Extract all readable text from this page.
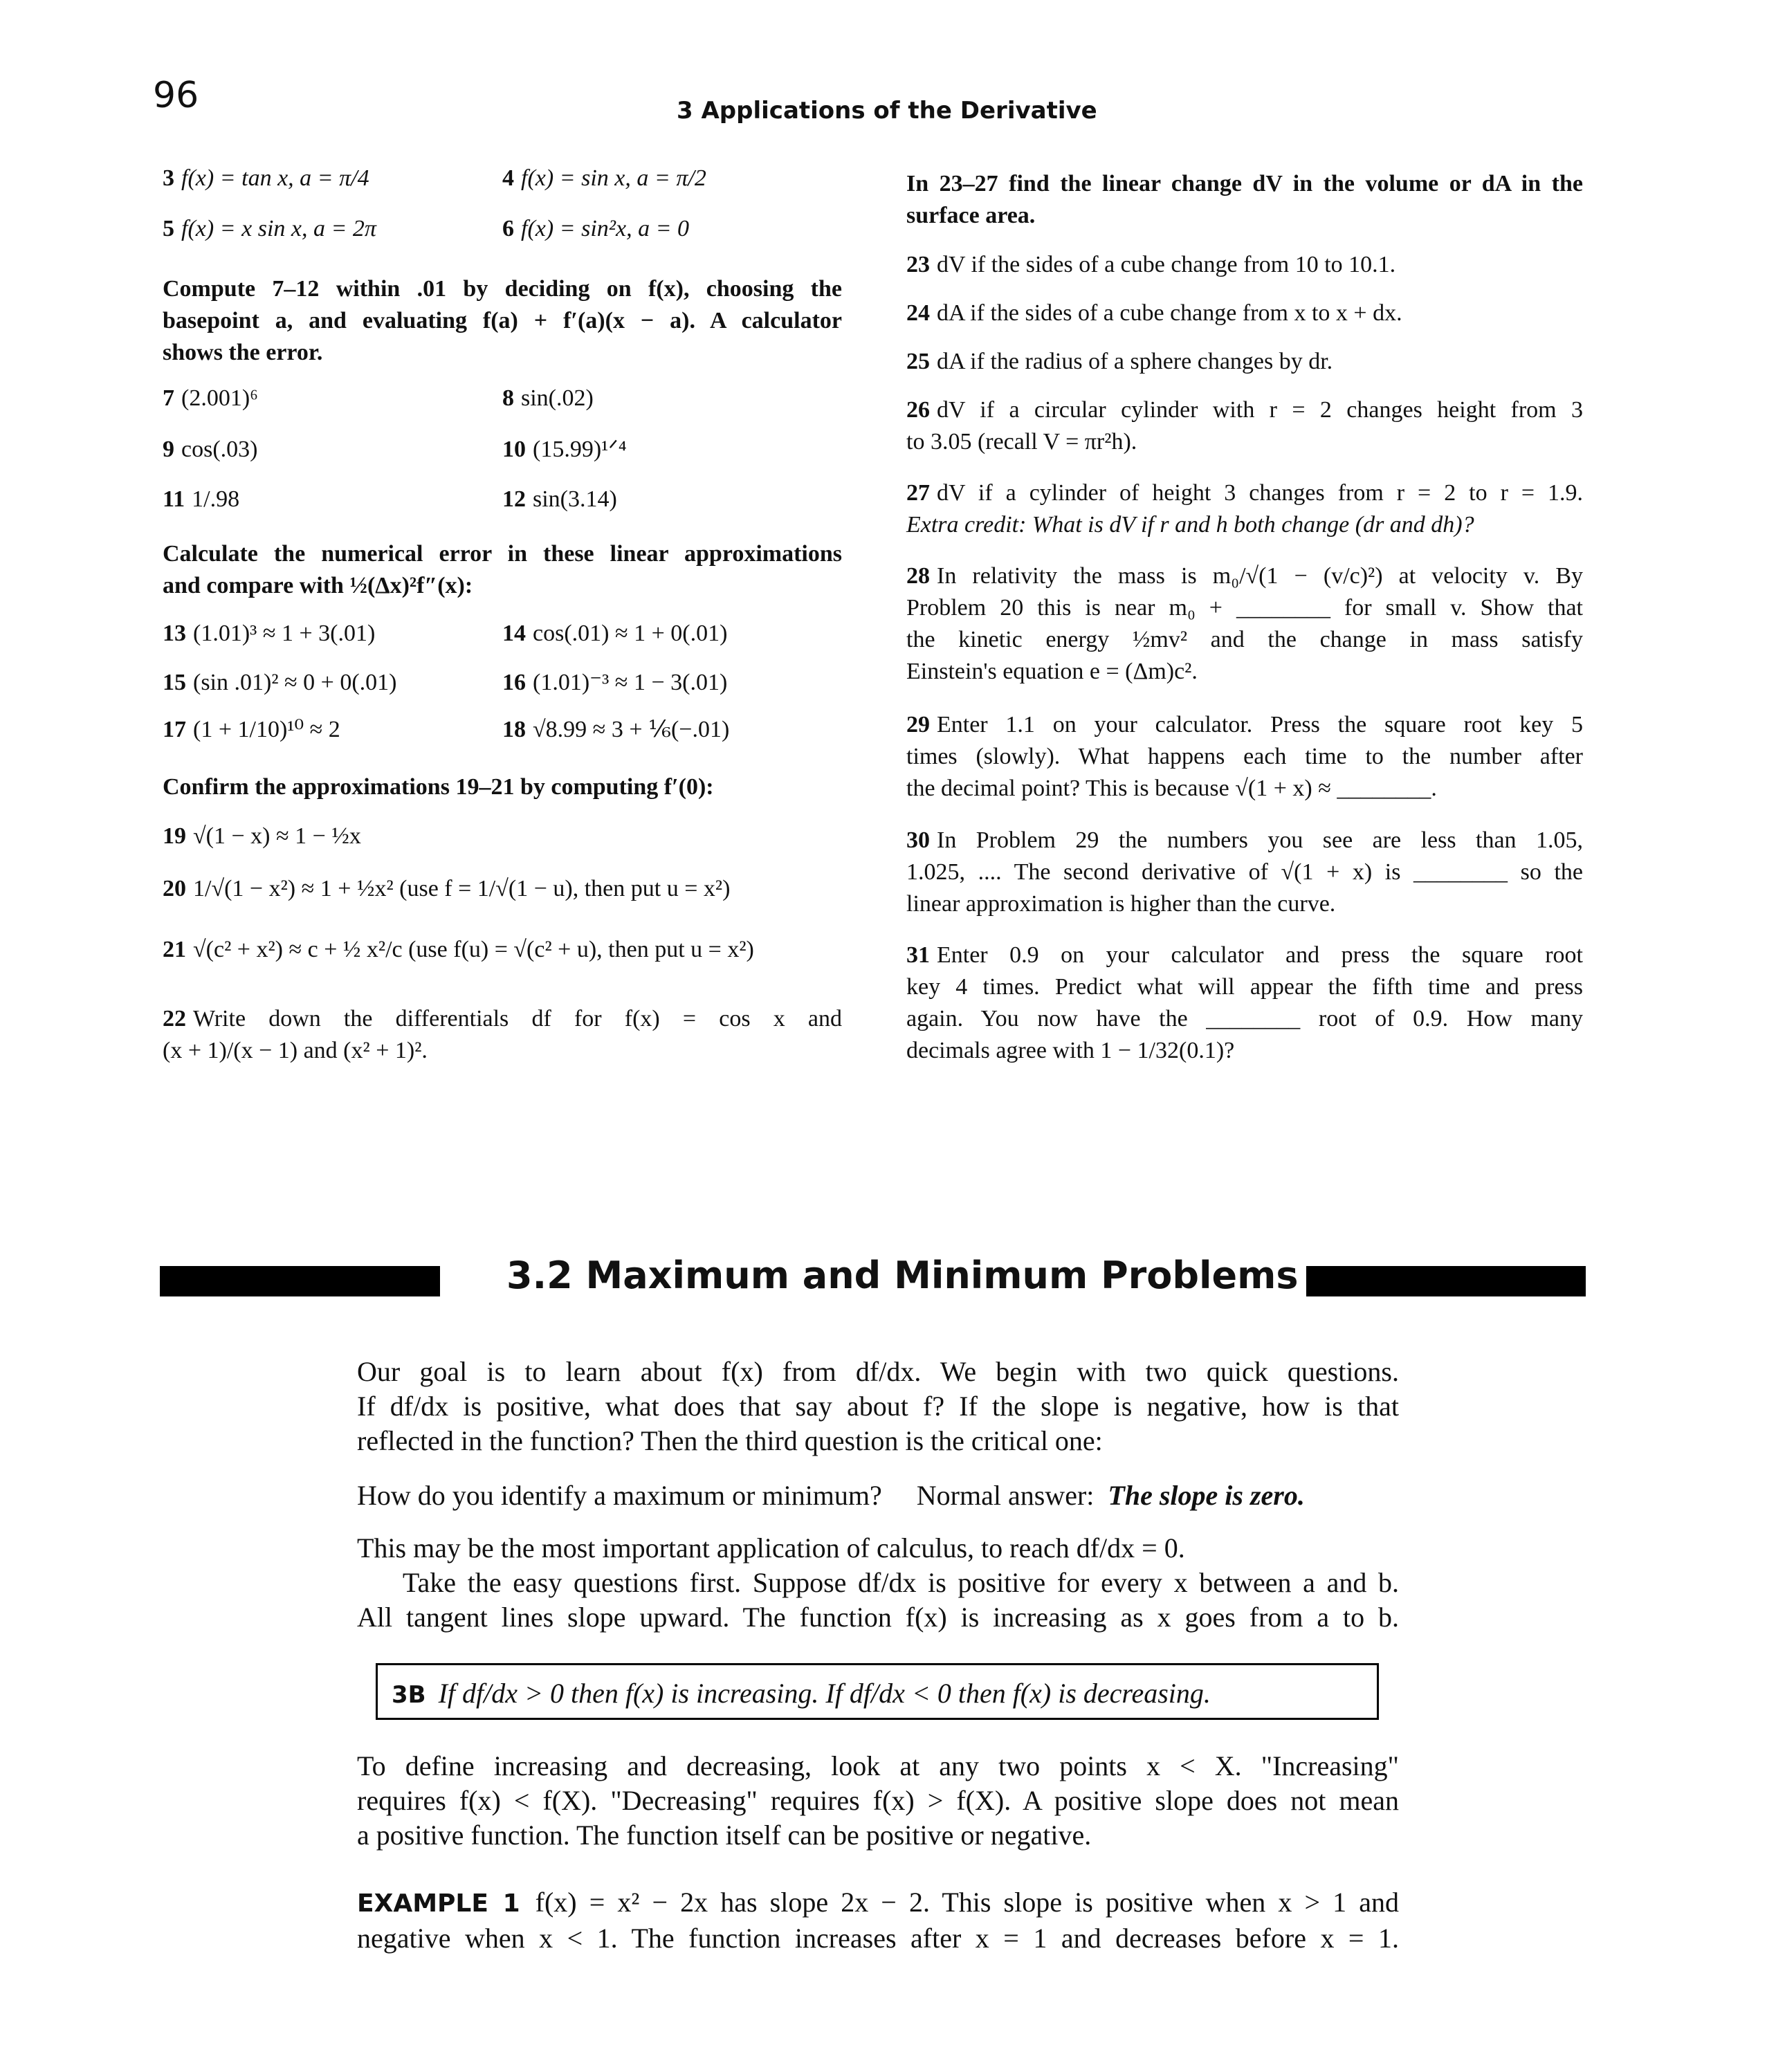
96	3 Applications of the Derivative
3 f(x) = tan x, a = π/4	4 f(x) = sin x, a = π/2
5 f(x) = x sin x, a = 2π	6 f(x) = sin²x, a = 0
Compute 7–12 within .01 by deciding on f(x), choosing the
basepoint a, and evaluating f(a) + f′(a)(x − a). A calculator
shows the error.
7 (2.001)⁶	8 sin(.02)
9 cos(.03)	10 (15.99)¹ᐟ⁴
11 1/.98	12 sin(3.14)
Calculate the numerical error in these linear approximations
and compare with ½(Δx)²f″(x):
13 (1.01)³ ≈ 1 + 3(.01)	14 cos(.01) ≈ 1 + 0(.01)
15 (sin .01)² ≈ 0 + 0(.01)	16 (1.01)⁻³ ≈ 1 − 3(.01)
17 (1 + 1/10)¹⁰ ≈ 2	18 √8.99 ≈ 3 + ⅙(−.01)
Confirm the approximations 19–21 by computing f′(0):
19 √(1 − x) ≈ 1 − ½x
20 1/√(1 − x²) ≈ 1 + ½x² (use f = 1/√(1 − u), then put u = x²)
21 √(c² + x²) ≈ c + ½ x²/c (use f(u) = √(c² + u), then put u = x²)
22 Write down the differentials df for f(x) = cos x and
(x + 1)/(x − 1) and (x² + 1)².
In 23–27 find the linear change dV in the volume or dA in the
surface area.
23 dV if the sides of a cube change from 10 to 10.1.
24 dA if the sides of a cube change from x to x + dx.
25 dA if the radius of a sphere changes by dr.
26 dV if a circular cylinder with r = 2 changes height from 3
to 3.05 (recall V = πr²h).
27 dV if a cylinder of height 3 changes from r = 2 to r = 1.9.
Extra credit: What is dV if r and h both change (dr and dh)?
28 In relativity the mass is m₀/√(1 − (v/c)²) at velocity v. By
Problem 20 this is near m₀ + ________ for small v. Show that
the kinetic energy ½mv² and the change in mass satisfy
Einstein's equation e = (Δm)c².
29 Enter 1.1 on your calculator. Press the square root key 5
times (slowly). What happens each time to the number after
the decimal point? This is because √(1 + x) ≈ ________.
30 In Problem 29 the numbers you see are less than 1.05,
1.025, .... The second derivative of √(1 + x) is ________ so the
linear approximation is higher than the curve.
31 Enter 0.9 on your calculator and press the square root
key 4 times. Predict what will appear the fifth time and press
again. You now have the ________ root of 0.9. How many
decimals agree with 1 − 1/32(0.1)?
3.2 Maximum and Minimum Problems
Our goal is to learn about f(x) from df/dx. We begin with two quick questions.
If df/dx is positive, what does that say about f? If the slope is negative, how is that
reflected in the function? Then the third question is the critical one:
How do you identify a maximum or minimum? Normal answer: The slope is zero.
This may be the most important application of calculus, to reach df/dx = 0.
Take the easy questions first. Suppose df/dx is positive for every x between a and b.
All tangent lines slope upward. The function f(x) is increasing as x goes from a to b.
3B If df/dx > 0 then f(x) is increasing. If df/dx < 0 then f(x) is decreasing.
To define increasing and decreasing, look at any two points x < X. "Increasing"
requires f(x) < f(X). "Decreasing" requires f(x) > f(X). A positive slope does not mean
a positive function. The function itself can be positive or negative.
EXAMPLE 1 f(x) = x² − 2x has slope 2x − 2. This slope is positive when x > 1 and
negative when x < 1. The function increases after x = 1 and decreases before x = 1.
